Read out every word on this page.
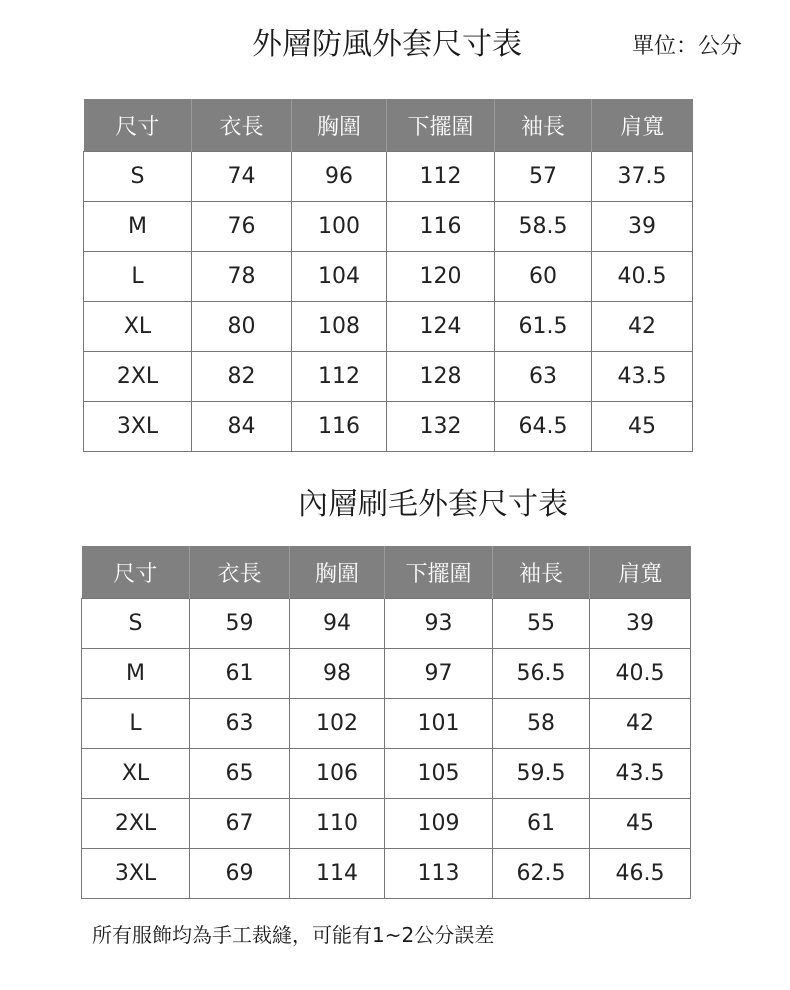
外層防風外套尺寸表	單位：公分
尺寸	衣長	胸圍	下擺圍	袖長	肩寬
S	74	96	112	57	37.5
M	76	100	116	58.5	39
L	78	104	120	60	40.5
XL	80	108	124	61.5	42
2XL	82	112	128	63	43.5
3XL	84	116	132	64.5	45
內層刷毛外套尺寸表
尺寸	衣長	胸圍	下擺圍	袖長	肩寬
S	59	94	93	55	39
M	61	98	97	56.5	40.5
L	63	102	101	58	42
XL	65	106	105	59.5	43.5
2XL	67	110	109	61	45
3XL	69	114	113	62.5	46.5
所有服飾均為手工裁縫，可能有1~2公分誤差
